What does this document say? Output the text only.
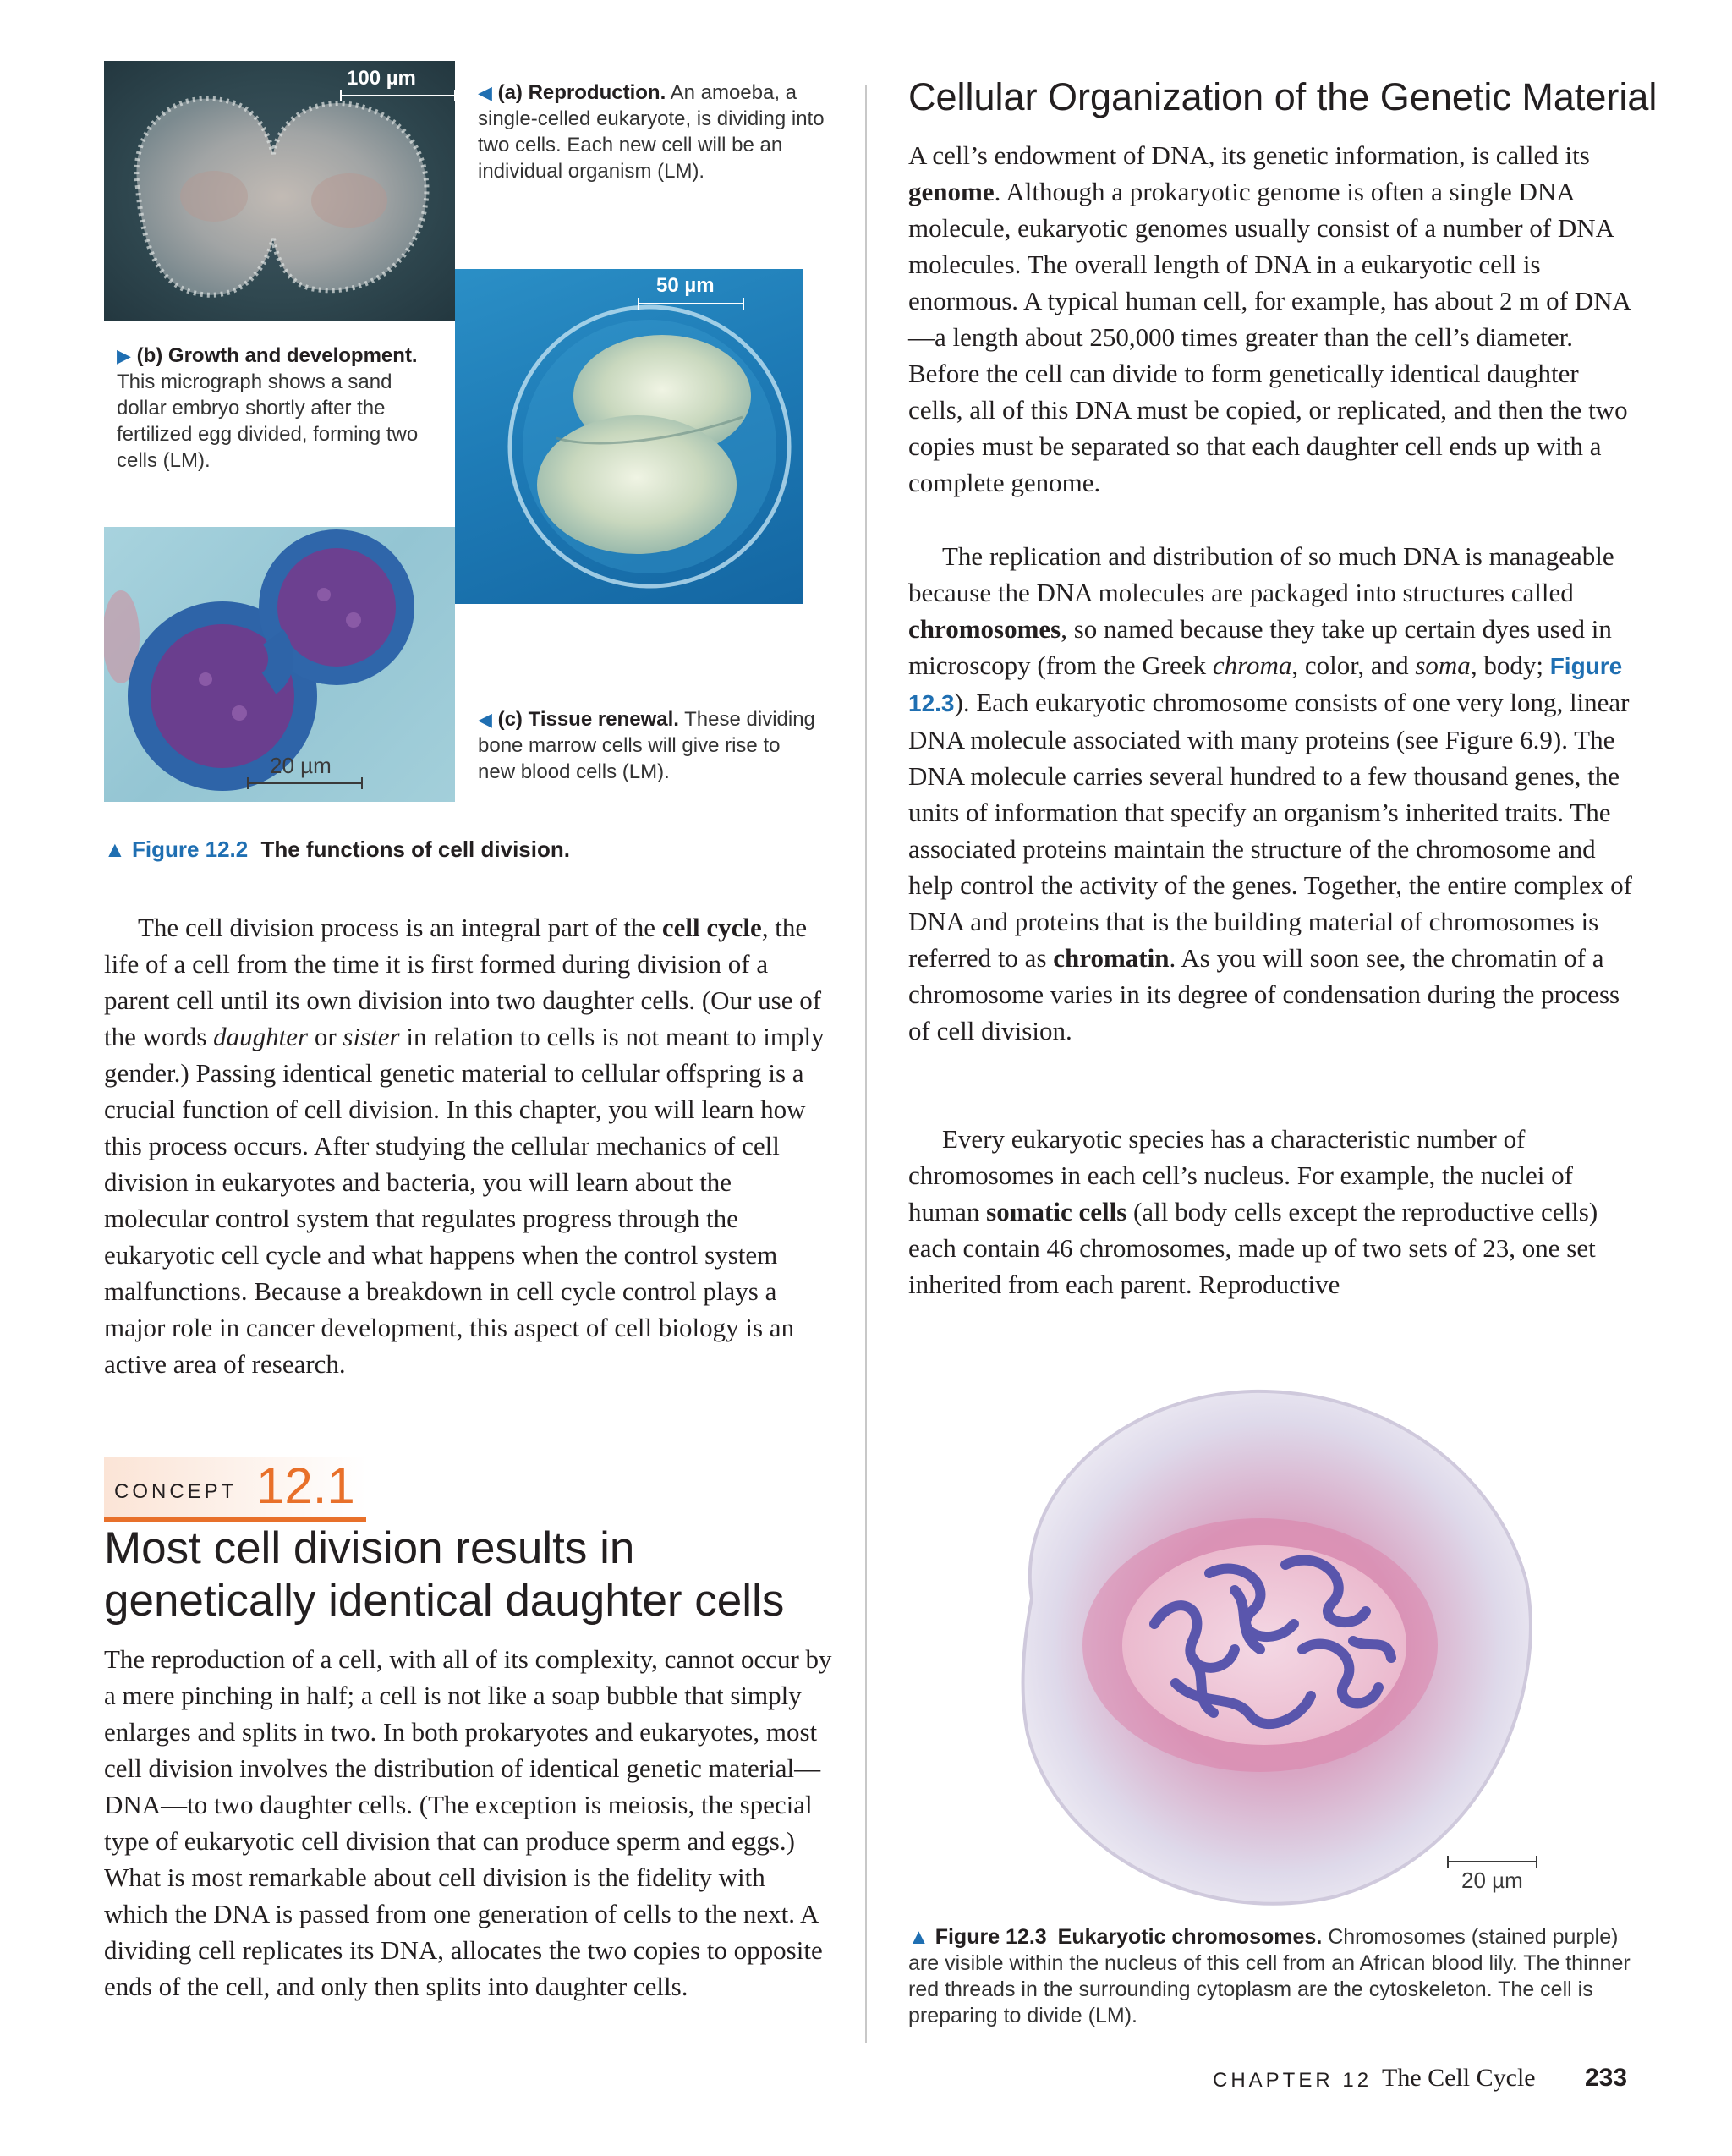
100 µm
50 µm
20 µm
◀ (a) Reproduction. An amoeba, a single-celled eukaryote, is dividing into two cells. Each new cell will be an individual organism (LM).
▶ (b) Growth and development. This micrograph shows a sand dollar embryo shortly after the fertilized egg divided, forming two cells (LM).
◀ (c) Tissue renewal. These dividing bone marrow cells will give rise to new blood cells (LM).
▲ Figure 12.2 The functions of cell division.
The cell division process is an integral part of the cell cycle, the life of a cell from the time it is first formed during division of a parent cell until its own division into two daughter cells. (Our use of the words daughter or sister in relation to cells is not meant to imply gender.) Passing identical genetic material to cellular offspring is a crucial function of cell division. In this chapter, you will learn how this process occurs. After studying the cellular mechanics of cell division in eukaryotes and bacteria, you will learn about the molecular control system that regulates progress through the eukaryotic cell cycle and what happens when the control system malfunctions. Because a breakdown in cell cycle control plays a major role in cancer development, this aspect of cell biology is an active area of research.
CONCEPT 12.1
Most cell division results in genetically identical daughter cells
The reproduction of a cell, with all of its complexity, cannot occur by a mere pinching in half; a cell is not like a soap bubble that simply enlarges and splits in two. In both prokaryotes and eukaryotes, most cell division involves the distribution of identical genetic material—DNA—to two daughter cells. (The exception is meiosis, the special type of eukaryotic cell division that can produce sperm and eggs.) What is most remarkable about cell division is the fidelity with which the DNA is passed from one generation of cells to the next. A dividing cell replicates its DNA, allocates the two copies to opposite ends of the cell, and only then splits into daughter cells.
Cellular Organization of the Genetic Material
A cell’s endowment of DNA, its genetic information, is called its genome. Although a prokaryotic genome is often a single DNA molecule, eukaryotic genomes usually consist of a number of DNA molecules. The overall length of DNA in a eukaryotic cell is enormous. A typical human cell, for example, has about 2 m of DNA—a length about 250,000 times greater than the cell’s diameter. Before the cell can divide to form genetically identical daughter cells, all of this DNA must be copied, or replicated, and then the two copies must be separated so that each daughter cell ends up with a complete genome.
The replication and distribution of so much DNA is manageable because the DNA molecules are packaged into structures called chromosomes, so named because they take up certain dyes used in microscopy (from the Greek chroma, color, and soma, body; Figure 12.3). Each eukaryotic chromosome consists of one very long, linear DNA molecule associated with many proteins (see Figure 6.9). The DNA molecule carries several hundred to a few thousand genes, the units of information that specify an organism’s inherited traits. The associated proteins maintain the structure of the chromosome and help control the activity of the genes. Together, the entire complex of DNA and proteins that is the building material of chromosomes is referred to as chromatin. As you will soon see, the chromatin of a chromosome varies in its degree of condensation during the process of cell division.
Every eukaryotic species has a characteristic number of chromosomes in each cell’s nucleus. For example, the nuclei of human somatic cells (all body cells except the reproductive cells) each contain 46 chromosomes, made up of two sets of 23, one set inherited from each parent. Reproductive
20 µm
▲ Figure 12.3 Eukaryotic chromosomes. Chromosomes (stained purple) are visible within the nucleus of this cell from an African blood lily. The thinner red threads in the surrounding cytoplasm are the cytoskeleton. The cell is preparing to divide (LM).
CHAPTER 12 The Cell Cycle 233
